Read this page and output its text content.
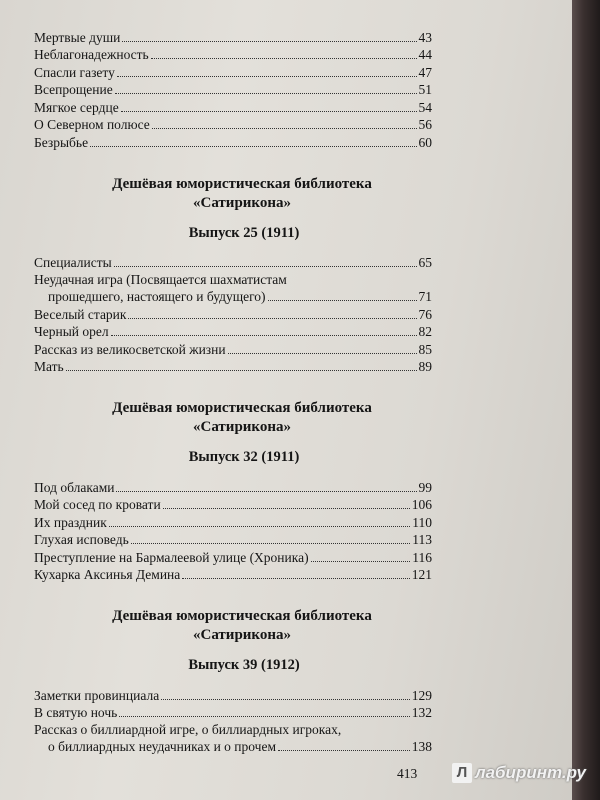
Мертвые души	43
Неблагонадежность	44
Спасли газету	47
Всепрощение	51
Мягкое сердце	54
О Северном полюсе	56
Безрыбье	60
Дешёвая юмористическая библиотека
«Сатирикона»
Выпуск 25 (1911)
Специалисты	65
Неудачная игра (Посвящается шахматистам
прошедшего, настоящего и будущего)	71
Веселый старик	76
Черный орел	82
Рассказ из великосветской жизни	85
Мать	89
Дешёвая юмористическая библиотека
«Сатирикона»
Выпуск 32 (1911)
Под облаками	99
Мой сосед по кровати	106
Их праздник	110
Глухая исповедь	113
Преступление на Бармалеевой улице (Хроника)	116
Кухарка Аксинья Демина	121
Дешёвая юмористическая библиотека
«Сатирикона»
Выпуск 39 (1912)
Заметки провинциала	129
В святую ночь	132
Рассказ о биллиардной игре, о биллиардных игроках,
о биллиардных неудачниках и о прочем	138
413	Л лабиринт.ру
